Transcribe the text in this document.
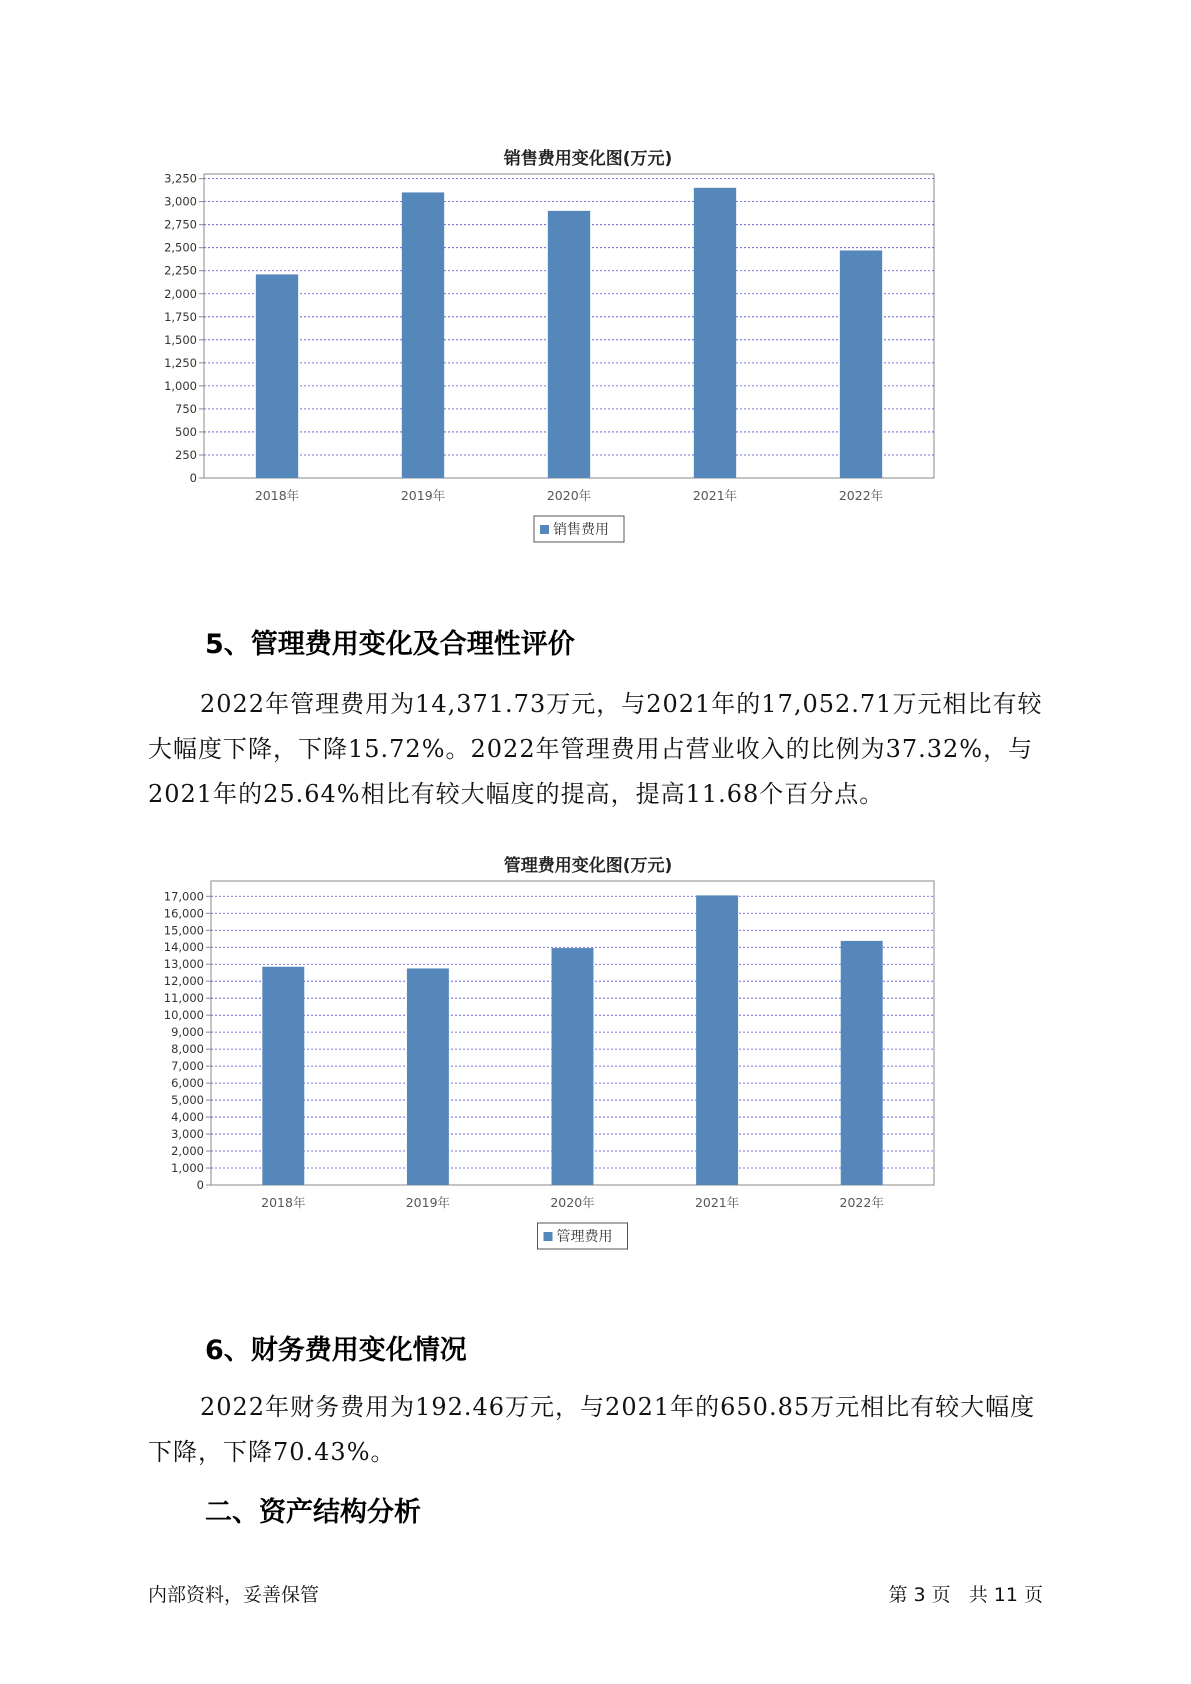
销售费用变化图(万元)
0
250
500
750
1,000
1,250
1,500
1,750
2,000
2,250
2,500
2,750
3,000
3,250
2018年	2019年	2020年	2021年	2022年
销售费用
5、管理费用变化及合理性评价

2022年管理费用为14,371.73万元，与2021年的17,052.71万元相比有较大幅度下降，下降15.72%。2022年管理费用占营业收入的比例为37.32%，与2021年的25.64%相比有较大幅度的提高，提高11.68个百分点。

管理费用变化图(万元)
0
1,000
2,000
3,000
4,000
5,000
6,000
7,000
8,000
9,000
10,000
11,000
12,000
13,000
14,000
15,000
16,000
17,000
2018年	2019年	2020年	2021年	2022年
管理费用
6、财务费用变化情况

2022年财务费用为192.46万元，与2021年的650.85万元相比有较大幅度下降，下降70.43%。

二、资产结构分析
内部资料，妥善保管	第 3 页   共 11 页
